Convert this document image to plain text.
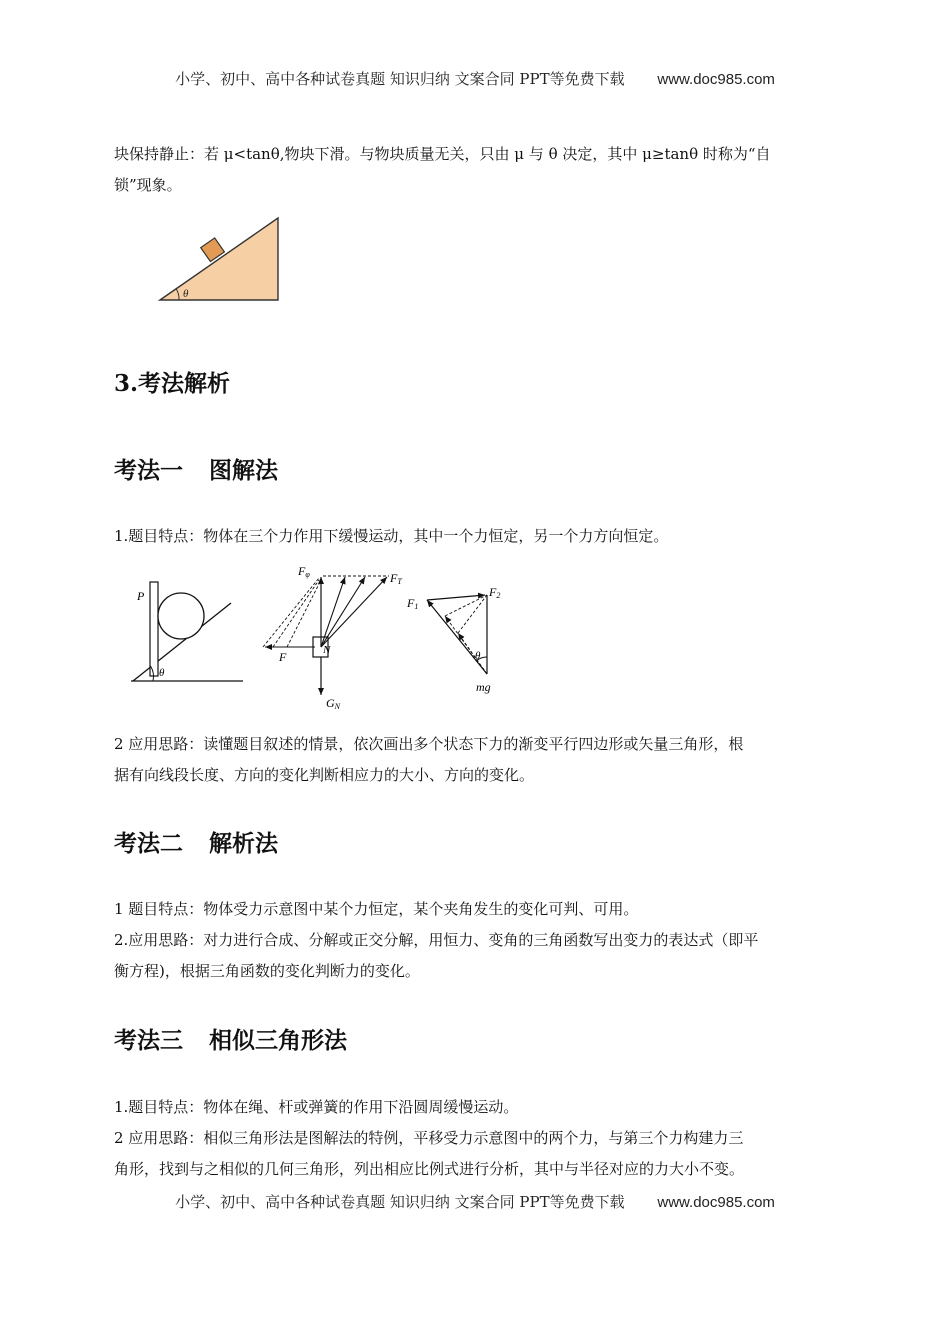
小学、初中、高中各种试卷真题 知识归纳 文案合同 PPT等免费下载 www.doc985.com
块保持静止：若 μ<tanθ,物块下滑。与物块质量无关，只由 μ 与 θ 决定，其中 μ≥tanθ 时称为“自
锁”现象。
θ
3.考法解析
考法一 图解法
1.题目特点：物体在三个力作用下缓慢运动，其中一个力恒定，另一个力方向恒定。
P
θ
Fφ	FT
F	N
GN
F1
F2
θ
mg
2 应用思路：读懂题目叙述的情景，依次画出多个状态下力的渐变平行四边形或矢量三角形，根
据有向线段长度、方向的变化判断相应力的大小、方向的变化。
考法二 解析法
1 题目特点：物体受力示意图中某个力恒定，某个夹角发生的变化可判、可用。
2.应用思路：对力进行合成、分解或正交分解，用恒力、变角的三角函数写出变力的表达式（即平
衡方程)，根据三角函数的变化判断力的变化。
考法三 相似三角形法
1.题目特点：物体在绳、杆或弹簧的作用下沿圆周缓慢运动。
2 应用思路：相似三角形法是图解法的特例，平移受力示意图中的两个力，与第三个力构建力三
角形，找到与之相似的几何三角形，列出相应比例式进行分析，其中与半径对应的力大小不变。
小学、初中、高中各种试卷真题 知识归纳 文案合同 PPT等免费下载 www.doc985.com
